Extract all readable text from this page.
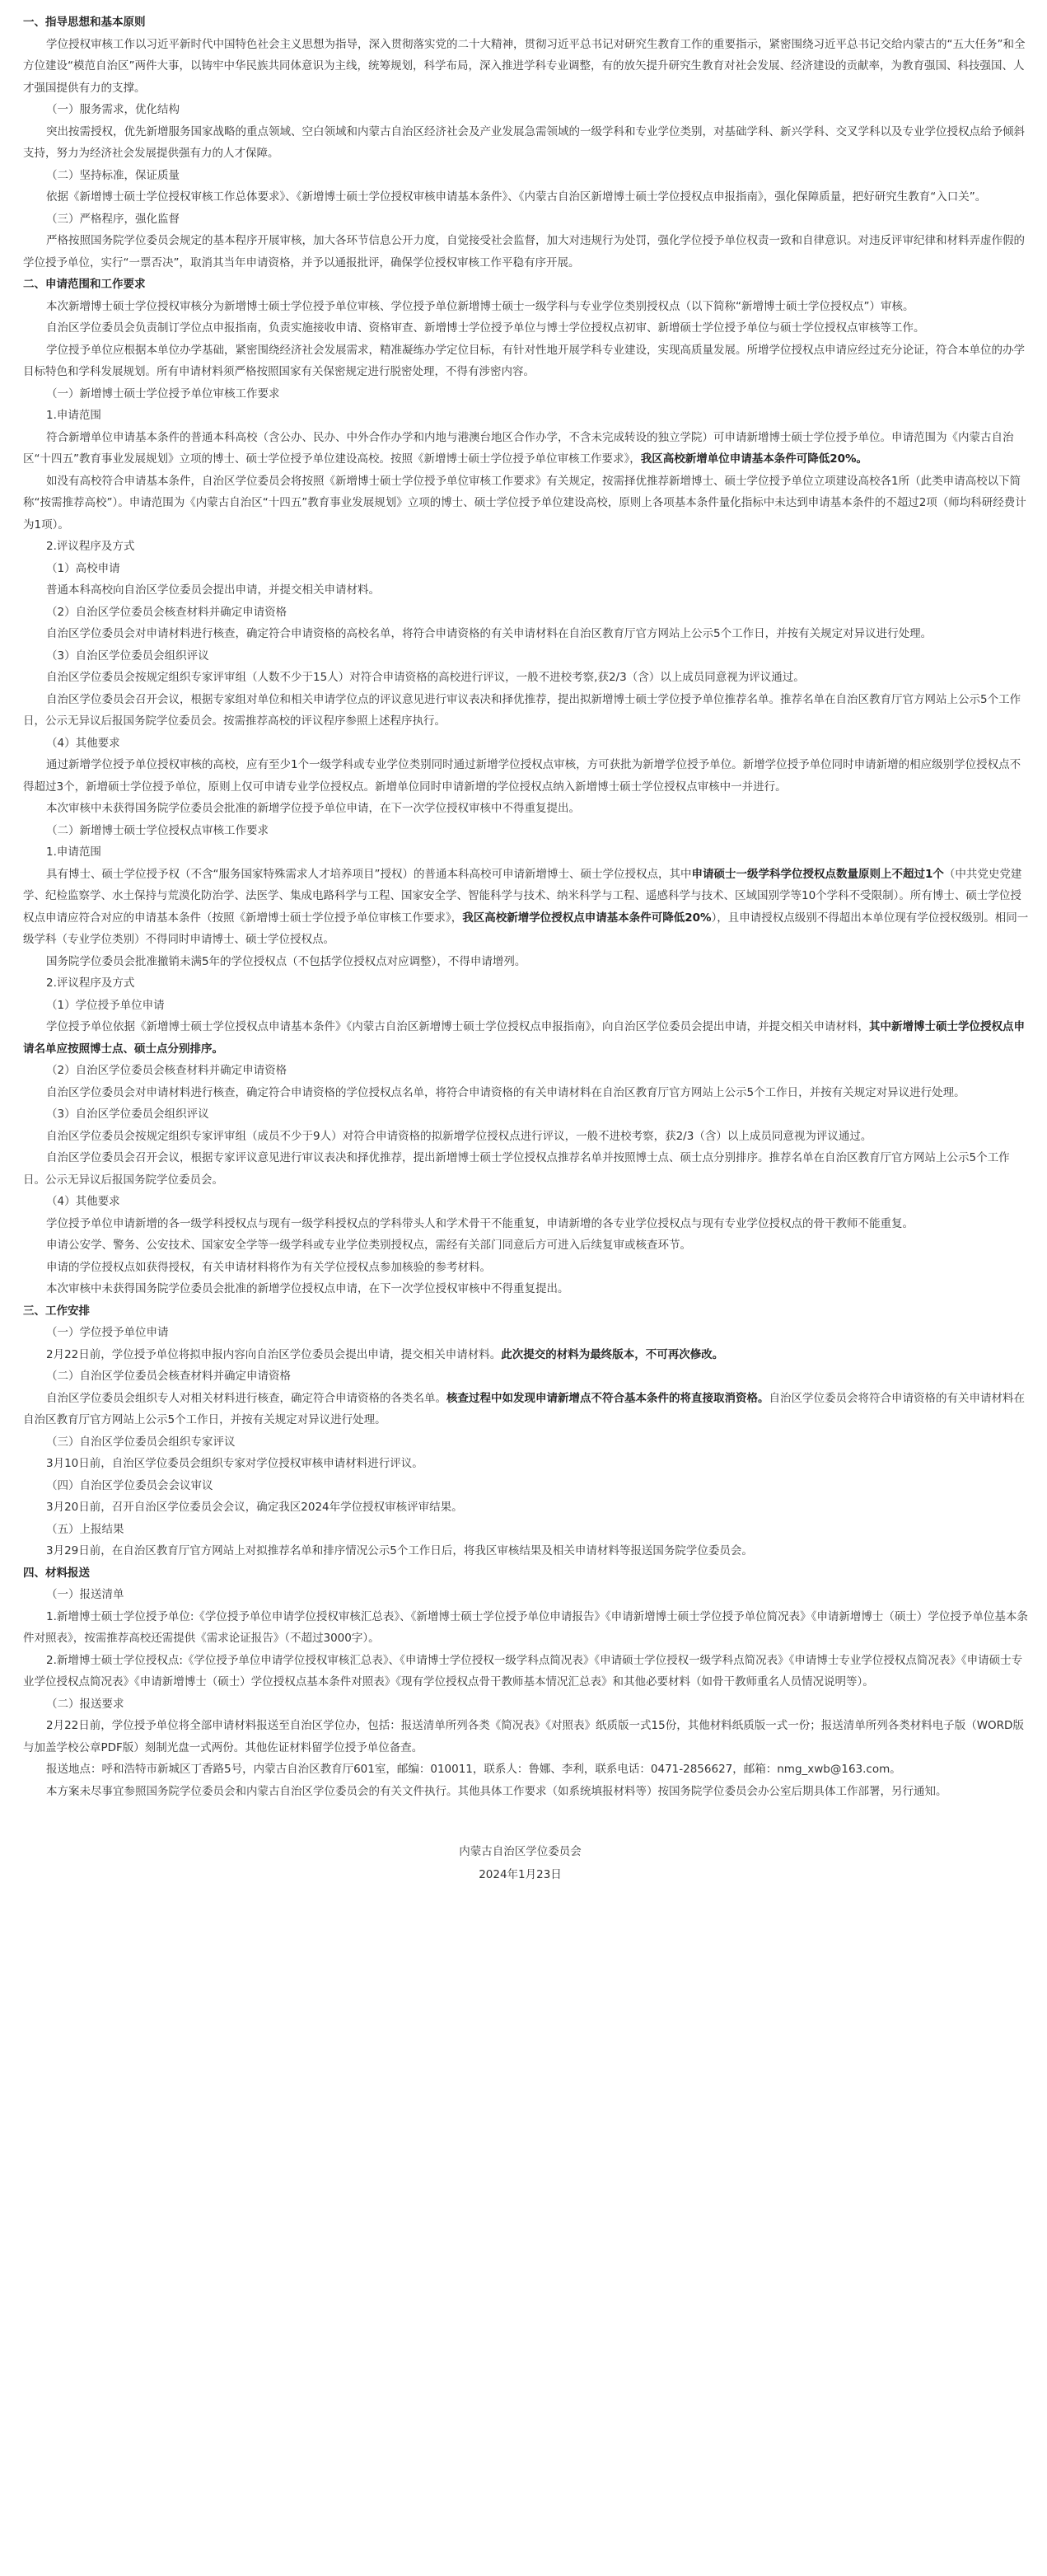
一、指导思想和基本原则

学位授权审核工作以习近平新时代中国特色社会主义思想为指导，深入贯彻落实党的二十大精神，贯彻习近平总书记对研究生教育工作的重要指示，紧密围绕习近平总书记交给内蒙古的“五大任务”和全方位建设“模范自治区”两件大事，以铸牢中华民族共同体意识为主线，统筹规划，科学布局，深入推进学科专业调整，有的放矢提升研究生教育对社会发展、经济建设的贡献率，为教育强国、科技强国、人才强国提供有力的支撑。

（一）服务需求，优化结构

突出按需授权，优先新增服务国家战略的重点领域、空白领域和内蒙古自治区经济社会及产业发展急需领域的一级学科和专业学位类别，对基础学科、新兴学科、交叉学科以及专业学位授权点给予倾斜支持，努力为经济社会发展提供强有力的人才保障。

（二）坚持标准，保证质量

依据《新增博士硕士学位授权审核工作总体要求》、《新增博士硕士学位授权审核申请基本条件》、《内蒙古自治区新增博士硕士学位授权点申报指南》，强化保障质量，把好研究生教育“入口关”。

（三）严格程序，强化监督

严格按照国务院学位委员会规定的基本程序开展审核，加大各环节信息公开力度，自觉接受社会监督，加大对违规行为处罚，强化学位授予单位权责一致和自律意识。对违反评审纪律和材料弄虚作假的学位授予单位，实行“一票否决”，取消其当年申请资格，并予以通报批评，确保学位授权审核工作平稳有序开展。

二、申请范围和工作要求

本次新增博士硕士学位授权审核分为新增博士硕士学位授予单位审核、学位授予单位新增博士硕士一级学科与专业学位类别授权点（以下简称“新增博士硕士学位授权点”）审核。

自治区学位委员会负责制订学位点申报指南，负责实施接收申请、资格审查、新增博士学位授予单位与博士学位授权点初审、新增硕士学位授予单位与硕士学位授权点审核等工作。

学位授予单位应根据本单位办学基础，紧密围绕经济社会发展需求，精准凝练办学定位目标，有针对性地开展学科专业建设，实现高质量发展。所增学位授权点申请应经过充分论证，符合本单位的办学目标特色和学科发展规划。所有申请材料须严格按照国家有关保密规定进行脱密处理，不得有涉密内容。

（一）新增博士硕士学位授予单位审核工作要求

1.申请范围

符合新增单位申请基本条件的普通本科高校（含公办、民办、中外合作办学和内地与港澳台地区合作办学，不含未完成转设的独立学院）可申请新增博士硕士学位授予单位。申请范围为《内蒙古自治区“十四五”教育事业发展规划》立项的博士、硕士学位授予单位建设高校。按照《新增博士硕士学位授予单位审核工作要求》，我区高校新增单位申请基本条件可降低20%。

如没有高校符合申请基本条件，自治区学位委员会将按照《新增博士硕士学位授予单位审核工作要求》有关规定，按需择优推荐新增博士、硕士学位授予单位立项建设高校各1所（此类申请高校以下简称“按需推荐高校”）。申请范围为《内蒙古自治区“十四五”教育事业发展规划》立项的博士、硕士学位授予单位建设高校，原则上各项基本条件量化指标中未达到申请基本条件的不超过2项（师均科研经费计为1项）。

2.评议程序及方式

（1）高校申请

普通本科高校向自治区学位委员会提出申请，并提交相关申请材料。

（2）自治区学位委员会核查材料并确定申请资格

自治区学位委员会对申请材料进行核查，确定符合申请资格的高校名单，将符合申请资格的有关申请材料在自治区教育厅官方网站上公示5个工作日，并按有关规定对异议进行处理。

（3）自治区学位委员会组织评议

自治区学位委员会按规定组织专家评审组（人数不少于15人）对符合申请资格的高校进行评议，一般不进校考察,获2/3（含）以上成员同意视为评议通过。

自治区学位委员会召开会议，根据专家组对单位和相关申请学位点的评议意见进行审议表决和择优推荐，提出拟新增博士硕士学位授予单位推荐名单。推荐名单在自治区教育厅官方网站上公示5个工作日，公示无异议后报国务院学位委员会。按需推荐高校的评议程序参照上述程序执行。

（4）其他要求

通过新增学位授予单位授权审核的高校，应有至少1个一级学科或专业学位类别同时通过新增学位授权点审核，方可获批为新增学位授予单位。新增学位授予单位同时申请新增的相应级别学位授权点不得超过3个，新增硕士学位授予单位，原则上仅可申请专业学位授权点。新增单位同时申请新增的学位授权点纳入新增博士硕士学位授权点审核中一并进行。

本次审核中未获得国务院学位委员会批准的新增学位授予单位申请，在下一次学位授权审核中不得重复提出。

（二）新增博士硕士学位授权点审核工作要求

1.申请范围

具有博士、硕士学位授予权（不含“服务国家特殊需求人才培养项目”授权）的普通本科高校可申请新增博士、硕士学位授权点，其中申请硕士一级学科学位授权点数量原则上不超过1个（中共党史党建学、纪检监察学、水土保持与荒漠化防治学、法医学、集成电路科学与工程、国家安全学、智能科学与技术、纳米科学与工程、遥感科学与技术、区域国别学等10个学科不受限制）。所有博士、硕士学位授权点申请应符合对应的申请基本条件（按照《新增博士硕士学位授予单位审核工作要求》，我区高校新增学位授权点申请基本条件可降低20%），且申请授权点级别不得超出本单位现有学位授权级别。相同一级学科（专业学位类别）不得同时申请博士、硕士学位授权点。

国务院学位委员会批准撤销未满5年的学位授权点（不包括学位授权点对应调整），不得申请增列。

2.评议程序及方式

（1）学位授予单位申请

学位授予单位依据《新增博士硕士学位授权点申请基本条件》《内蒙古自治区新增博士硕士学位授权点申报指南》，向自治区学位委员会提出申请，并提交相关申请材料，其中新增博士硕士学位授权点申请名单应按照博士点、硕士点分别排序。

（2）自治区学位委员会核查材料并确定申请资格

自治区学位委员会对申请材料进行核查，确定符合申请资格的学位授权点名单，将符合申请资格的有关申请材料在自治区教育厅官方网站上公示5个工作日，并按有关规定对异议进行处理。

（3）自治区学位委员会组织评议

自治区学位委员会按规定组织专家评审组（成员不少于9人）对符合申请资格的拟新增学位授权点进行评议，一般不进校考察，获2/3（含）以上成员同意视为评议通过。

自治区学位委员会召开会议，根据专家评议意见进行审议表决和择优推荐，提出新增博士硕士学位授权点推荐名单并按照博士点、硕士点分别排序。推荐名单在自治区教育厅官方网站上公示5个工作日。公示无异议后报国务院学位委员会。

（4）其他要求

学位授予单位申请新增的各一级学科授权点与现有一级学科授权点的学科带头人和学术骨干不能重复，申请新增的各专业学位授权点与现有专业学位授权点的骨干教师不能重复。

申请公安学、警务、公安技术、国家安全学等一级学科或专业学位类别授权点，需经有关部门同意后方可进入后续复审或核查环节。

申请的学位授权点如获得授权，有关申请材料将作为有关学位授权点参加核验的参考材料。

本次审核中未获得国务院学位委员会批准的新增学位授权点申请，在下一次学位授权审核中不得重复提出。

三、工作安排

（一）学位授予单位申请

2月22日前，学位授予单位将拟申报内容向自治区学位委员会提出申请，提交相关申请材料。此次提交的材料为最终版本，不可再次修改。

（二）自治区学位委员会核查材料并确定申请资格

自治区学位委员会组织专人对相关材料进行核查，确定符合申请资格的各类名单。核查过程中如发现申请新增点不符合基本条件的将直接取消资格。自治区学位委员会将符合申请资格的有关申请材料在自治区教育厅官方网站上公示5个工作日，并按有关规定对异议进行处理。

（三）自治区学位委员会组织专家评议

3月10日前，自治区学位委员会组织专家对学位授权审核申请材料进行评议。

（四）自治区学位委员会会议审议

3月20日前，召开自治区学位委员会会议，确定我区2024年学位授权审核评审结果。

（五）上报结果

3月29日前，在自治区教育厅官方网站上对拟推荐名单和排序情况公示5个工作日后，将我区审核结果及相关申请材料等报送国务院学位委员会。

四、材料报送

（一）报送清单

1.新增博士硕士学位授予单位:《学位授予单位申请学位授权审核汇总表》、《新增博士硕士学位授予单位申请报告》《申请新增博士硕士学位授予单位简况表》《申请新增博士（硕士）学位授予单位基本条件对照表》，按需推荐高校还需提供《需求论证报告》（不超过3000字）。

2.新增博士硕士学位授权点:《学位授予单位申请学位授权审核汇总表》、《申请博士学位授权一级学科点简况表》《申请硕士学位授权一级学科点简况表》《申请博士专业学位授权点简况表》《申请硕士专业学位授权点简况表》《申请新增博士（硕士）学位授权点基本条件对照表》《现有学位授权点骨干教师基本情况汇总表》和其他必要材料（如骨干教师重名人员情况说明等）。

（二）报送要求

2月22日前，学位授予单位将全部申请材料报送至自治区学位办，包括：报送清单所列各类《简况表》《对照表》纸质版一式15份，其他材料纸质版一式一份；报送清单所列各类材料电子版（WORD版与加盖学校公章PDF版）刻制光盘一式两份。其他佐证材料留学位授予单位备查。

报送地点：呼和浩特市新城区丁香路5号，内蒙古自治区教育厅601室，邮编：010011，联系人：鲁娜、李利，联系电话：0471-2856627，邮箱：nmg_xwb@163.com。

本方案未尽事宜参照国务院学位委员会和内蒙古自治区学位委员会的有关文件执行。其他具体工作要求（如系统填报材料等）按国务院学位委员会办公室后期具体工作部署，另行通知。

内蒙古自治区学位委员会
2024年1月23日
